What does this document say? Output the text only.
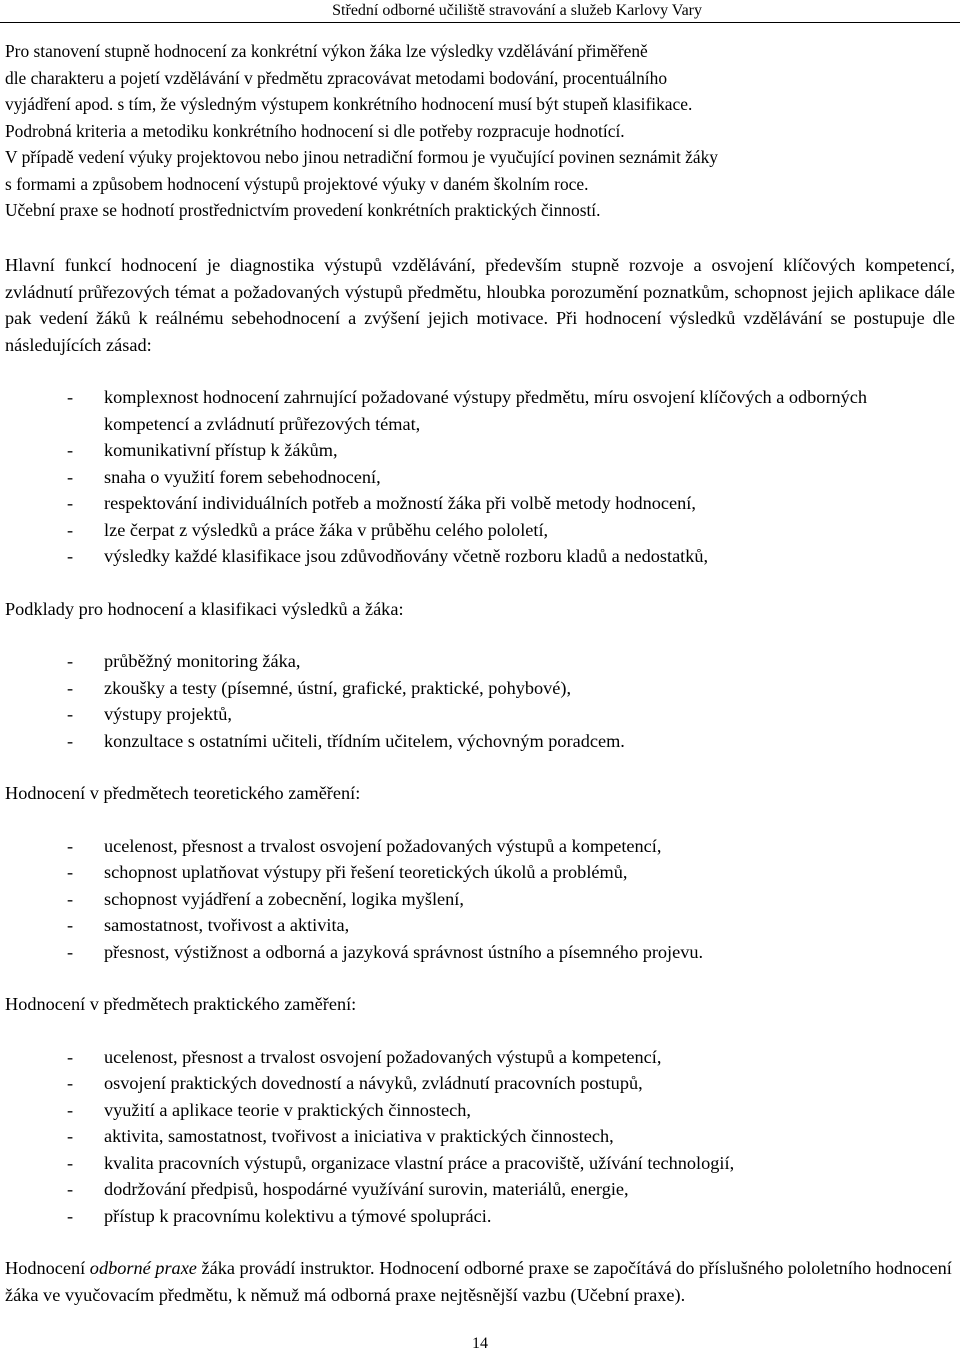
Střední odborné učiliště stravování a služeb Karlovy Vary

Pro stanovení stupně hodnocení za konkrétní výkon žáka lze výsledky vzdělávání přiměřeně

dle charakteru a pojetí vzdělávání v předmětu zpracovávat metodami bodování, procentuálního

vyjádření apod. s tím, že výsledným výstupem konkrétního hodnocení musí být stupeň klasifikace.

Podrobná kriteria a metodiku konkrétního hodnocení si dle potřeby rozpracuje hodnotící.

V případě vedení výuky projektovou nebo jinou netradiční formou je vyučující povinen seznámit žáky

s formami a způsobem hodnocení výstupů projektové výuky v daném školním roce.

Učební praxe se hodnotí prostřednictvím provedení konkrétních praktických činností.

Hlavní funkcí hodnocení je diagnostika výstupů vzdělávání, především stupně rozvoje a osvojení klíčových kompetencí, zvládnutí průřezových témat a požadovaných výstupů předmětu, hloubka porozumění poznatkům, schopnost jejich aplikace dále pak vedení žáků k reálnému sebehodnocení a zvýšení jejich motivace. Při hodnocení výsledků vzdělávání se postupuje dle následujících zásad:

- komplexnost hodnocení zahrnující požadované výstupy předmětu, míru osvojení klíčových a odborných kompetencí a zvládnutí průřezových témat,
- komunikativní přístup k žákům,
- snaha o využití forem sebehodnocení,
- respektování individuálních potřeb a možností žáka při volbě metody hodnocení,
- lze čerpat z výsledků a práce žáka v průběhu celého pololetí,
- výsledky každé klasifikace jsou zdůvodňovány včetně rozboru kladů a nedostatků,

Podklady pro hodnocení a klasifikaci výsledků a žáka:

- průběžný monitoring žáka,
- zkoušky a testy (písemné, ústní, grafické, praktické, pohybové),
- výstupy projektů,
- konzultace s ostatními učiteli, třídním učitelem, výchovným poradcem.

Hodnocení v předmětech teoretického zaměření:

- ucelenost, přesnost a trvalost osvojení požadovaných výstupů a kompetencí,
- schopnost uplatňovat výstupy při řešení teoretických úkolů a problémů,
- schopnost vyjádření a zobecnění, logika myšlení,
- samostatnost, tvořivost a aktivita,
- přesnost, výstižnost a odborná a jazyková správnost ústního a písemného projevu.

Hodnocení v předmětech praktického zaměření:

- ucelenost, přesnost a trvalost osvojení požadovaných výstupů a kompetencí,
- osvojení praktických dovedností a návyků, zvládnutí pracovních postupů,
- využití a aplikace teorie v praktických činnostech,
- aktivita, samostatnost, tvořivost a iniciativa v praktických činnostech,
- kvalita pracovních výstupů, organizace vlastní práce a pracoviště, užívání technologií,
- dodržování předpisů, hospodárné využívání surovin, materiálů, energie,
- přístup k pracovnímu kolektivu a týmové spolupráci.

Hodnocení odborné praxe žáka provádí instruktor. Hodnocení odborné praxe se započítává do příslušného pololetního hodnocení žáka ve vyučovacím předmětu, k němuž má odborná praxe nejtěsnější vazbu (Učební praxe).

14
